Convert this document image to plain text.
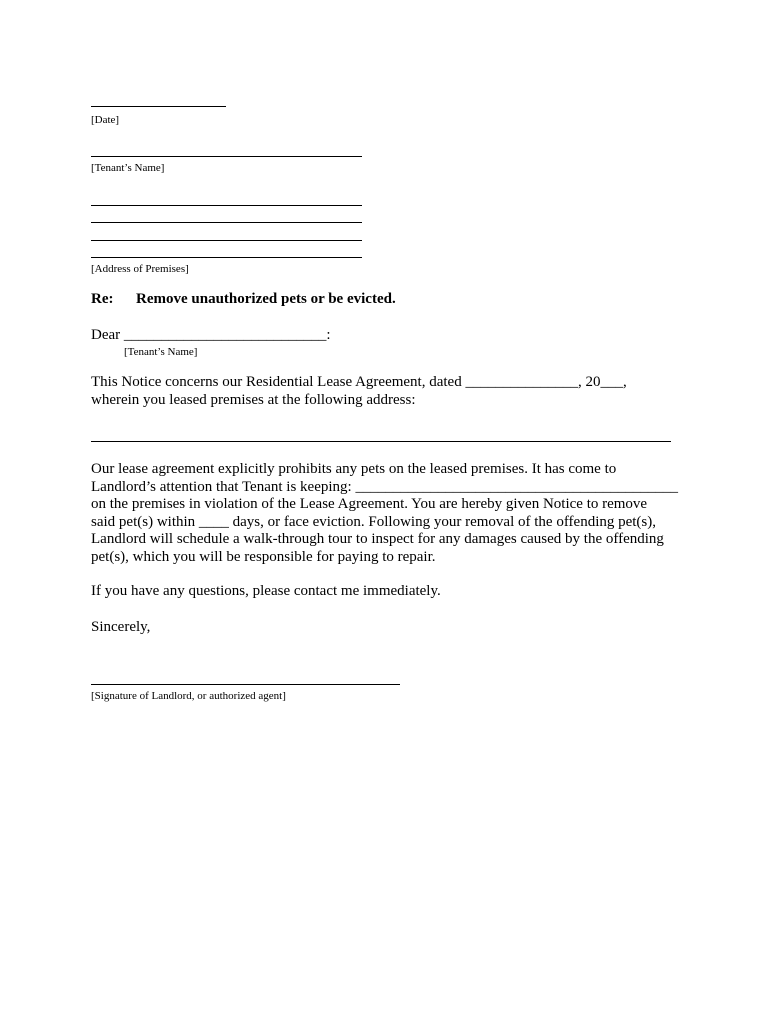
[Date]
[Tenant’s Name]
[Address of Premises]
Re: Remove unauthorized pets or be evicted.
Dear ___________________________:
[Tenant’s Name]
This Notice concerns our Residential Lease Agreement, dated _______________, 20___,
wherein you leased premises at the following address:
Our lease agreement explicitly prohibits any pets on the leased premises. It has come to
Landlord’s attention that Tenant is keeping: ___________________________________________
on the premises in violation of the Lease Agreement. You are hereby given Notice to remove
said pet(s) within ____ days, or face eviction. Following your removal of the offending pet(s),
Landlord will schedule a walk-through tour to inspect for any damages caused by the offending
pet(s), which you will be responsible for paying to repair.
If you have any questions, please contact me immediately.
Sincerely,
[Signature of Landlord, or authorized agent]
